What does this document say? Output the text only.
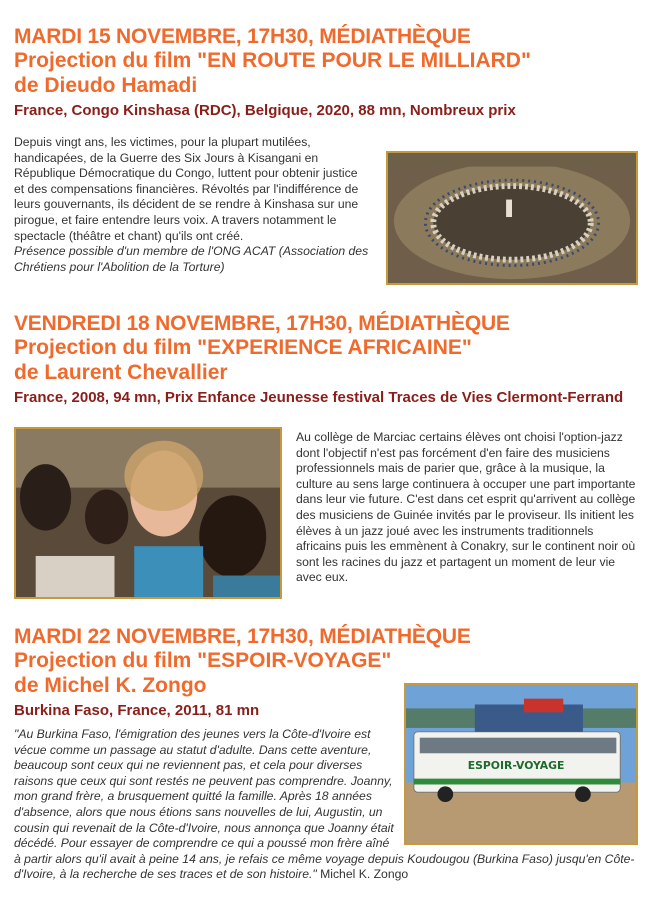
MARDI 15 NOVEMBRE, 17H30, MÉDIATHÈQUE
Projection du film "EN ROUTE POUR LE MILLIARD"
de Dieudo Hamadi
France, Congo Kinshasa (RDC), Belgique, 2020, 88 mn, Nombreux prix

Depuis vingt ans, les victimes, pour la plupart mutilées, handicapées, de la Guerre des Six Jours à Kisangani en République Démocratique du Congo, luttent pour obtenir justice et des compensations financières. Révoltés par l'indifférence de leurs gouvernants, ils décident de se rendre à Kinshasa sur une pirogue, et faire entendre leurs voix. A travers notamment le spectacle (théâtre et chant) qu'ils ont créé.

Présence possible d'un membre de l'ONG ACAT (Association des Chrétiens pour l'Abolition de la Torture)

VENDREDI 18 NOVEMBRE, 17H30, MÉDIATHÈQUE
Projection du film "EXPERIENCE AFRICAINE"
de Laurent Chevallier
France, 2008, 94 mn, Prix Enfance Jeunesse festival Traces de Vies Clermont-Ferrand

Au collège de Marciac certains élèves ont choisi l'option-jazz dont l'objectif n'est pas forcément d'en faire des musiciens professionnels mais de parier que, grâce à la musique, la culture au sens large continuera à occuper une part importante dans leur vie future. C'est dans cet esprit qu'arrivent au collège des musiciens de Guinée invités par le proviseur. Ils initient les élèves à un jazz joué avec les instruments traditionnels africains puis les emmènent à Conakry, sur le continent noir où sont les racines du jazz et partagent un moment de leur vie avec eux.

MARDI 22 NOVEMBRE, 17H30, MÉDIATHÈQUE
Projection du film "ESPOIR-VOYAGE"
de Michel K. Zongo
Burkina Faso, France, 2011, 81 mn
ESPOIR-VOYAGE

"Au Burkina Faso, l'émigration des jeunes vers la Côte-d'Ivoire est vécue comme un passage au statut d'adulte. Dans cette aventure, beaucoup sont ceux qui ne reviennent pas, et cela pour diverses raisons que ceux qui sont restés ne peuvent pas comprendre. Joanny, mon grand frère, a brusquement quitté la famille. Après 18 années d'absence, alors que nous étions sans nouvelles de lui, Augustin, un cousin qui revenait de la Côte-d'Ivoire, nous annonça que Joanny était décédé. Pour essayer de comprendre ce qui a poussé mon frère aîné à partir alors qu'il avait à peine 14 ans, je refais ce même voyage depuis Koudougou (Burkina Faso) jusqu'en Côte-d'Ivoire, à la recherche de ses traces et de son histoire." Michel K. Zongo
